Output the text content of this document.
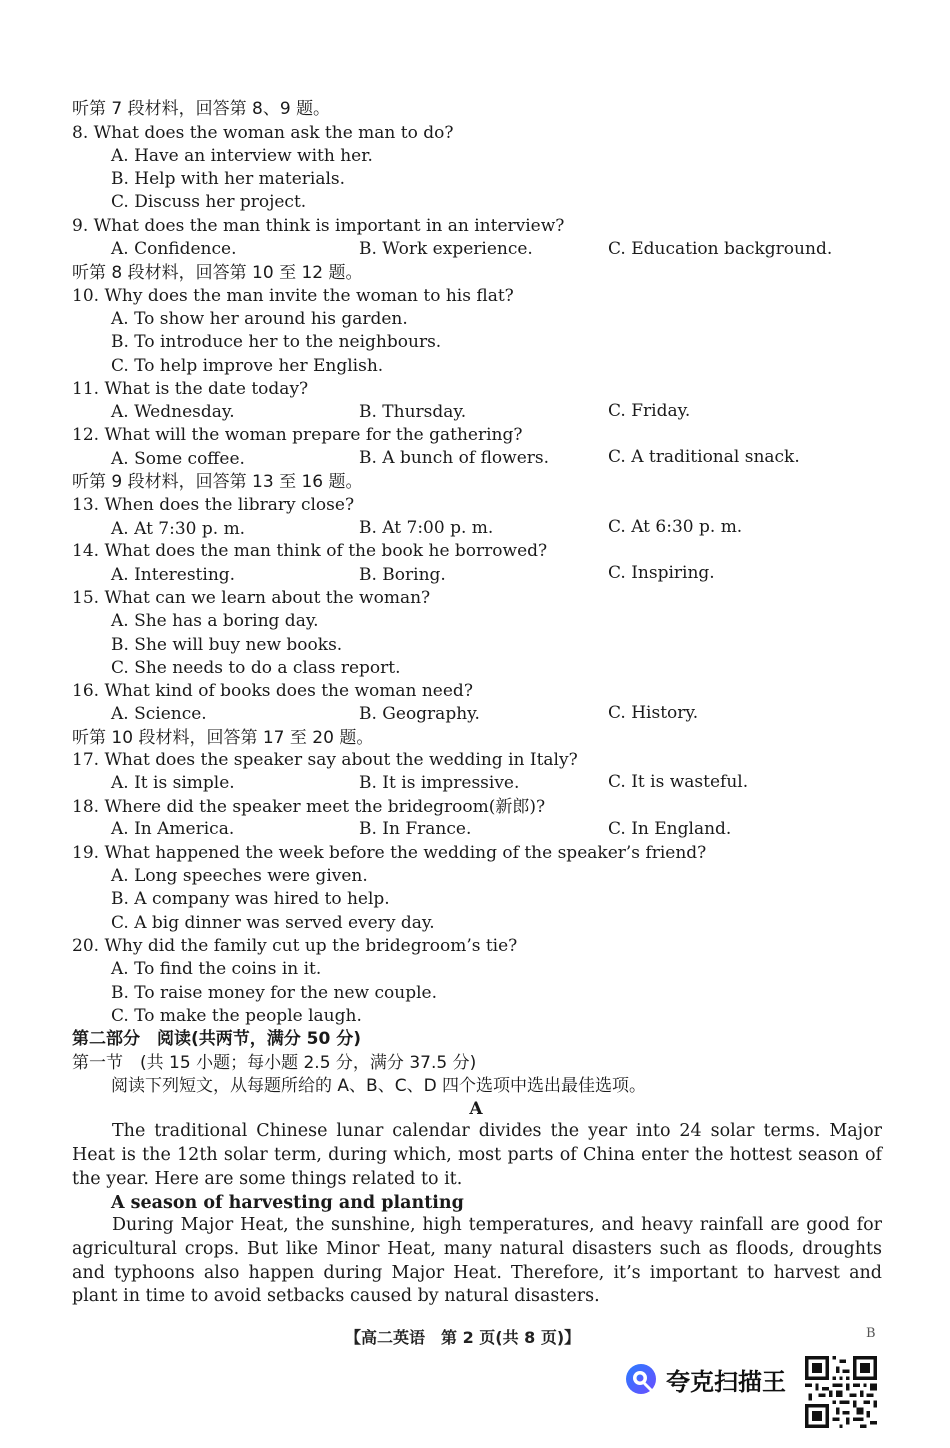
听第 7 段材料，回答第 8、9 题。
8. What does the woman ask the man to do?
A. Have an interview with her.
B. Help with her materials.
C. Discuss her project.
9. What does the man think is important in an interview?
A. Confidence.	B. Work experience.	C. Education background.
听第 8 段材料，回答第 10 至 12 题。
10. Why does the man invite the woman to his flat?
A. To show her around his garden.
B. To introduce her to the neighbours.
C. To help improve her English.
11. What is the date today?
A. Wednesday.	B. Thursday.	C. Friday.
12. What will the woman prepare for the gathering?
A. Some coffee.	B. A bunch of flowers.	C. A traditional snack.
听第 9 段材料，回答第 13 至 16 题。
13. When does the library close?
A. At 7:30 p. m.	B. At 7:00 p. m.	C. At 6:30 p. m.
14. What does the man think of the book he borrowed?
A. Interesting.	B. Boring.	C. Inspiring.
15. What can we learn about the woman?
A. She has a boring day.
B. She will buy new books.
C. She needs to do a class report.
16. What kind of books does the woman need?
A. Science.	B. Geography.	C. History.
听第 10 段材料，回答第 17 至 20 题。
17. What does the speaker say about the wedding in Italy?
A. It is simple.	B. It is impressive.	C. It is wasteful.
18. Where did the speaker meet the bridegroom(新郎)?
A. In America.	B. In France.	C. In England.
19. What happened the week before the wedding of the speaker’s friend?
A. Long speeches were given.
B. A company was hired to help.
C. A big dinner was served every day.
20. Why did the family cut up the bridegroom’s tie?
A. To find the coins in it.
B. To raise money for the new couple.
C. To make the people laugh.
第二部分　阅读(共两节，满分 50 分)
第一节　(共 15 小题；每小题 2.5 分，满分 37.5 分)
阅读下列短文，从每题所给的 A、B、C、D 四个选项中选出最佳选项。
A
The traditional Chinese lunar calendar divides the year into 24 solar terms. Major Heat is the 12th solar term, during which, most parts of China enter the hottest season of the year. Here are some things related to it.
A season of harvesting and planting
During Major Heat, the sunshine, high temperatures, and heavy rainfall are good for agricultural crops. But like Minor Heat, many natural disasters such as floods, droughts and typhoons also happen during Major Heat. Therefore, it’s important to harvest and plant in time to avoid setbacks caused by natural disasters.
【高二英语　第 2 页(共 8 页)】	B
夸克扫描王
